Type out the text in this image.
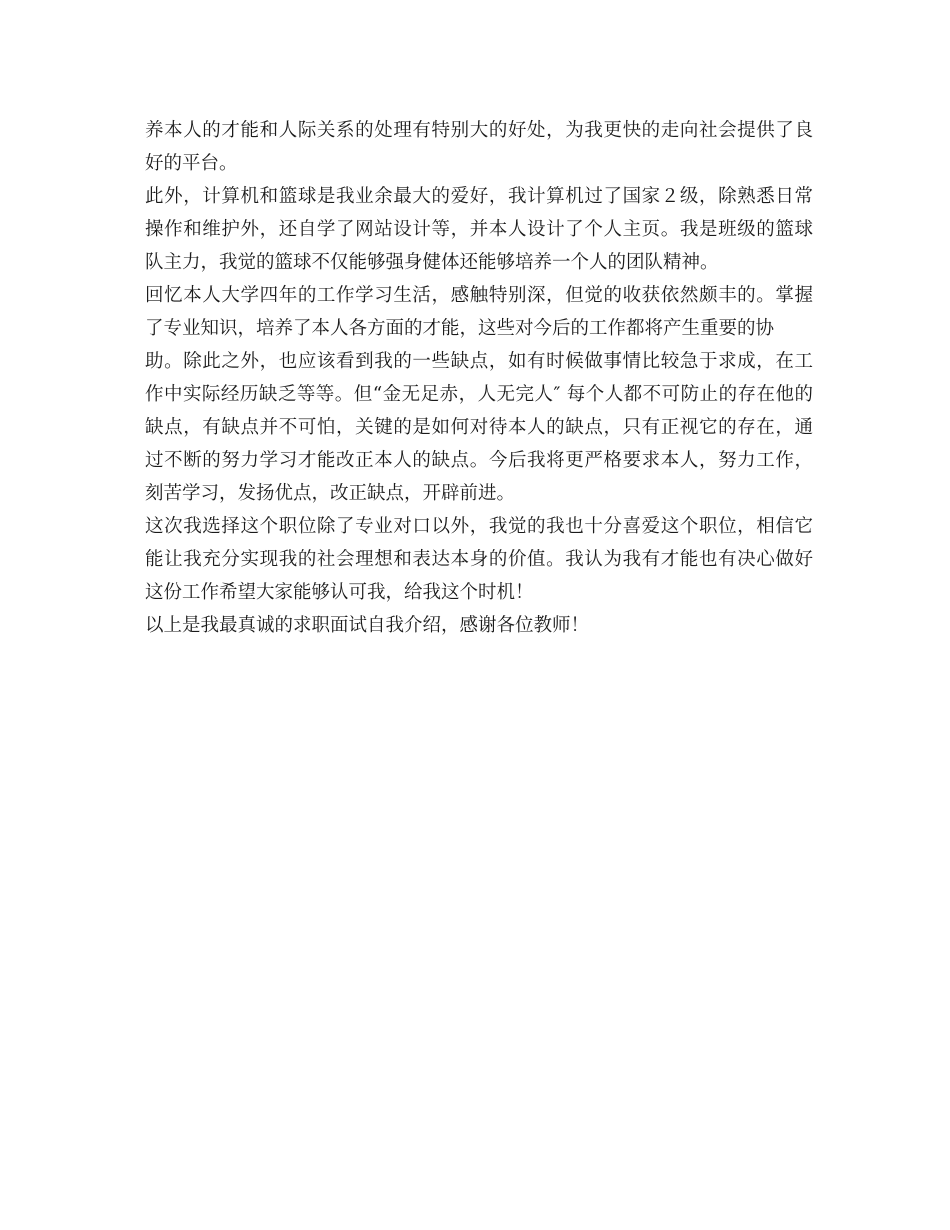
养本人的才能和人际关系的处理有特别大的好处，为我更快的走向社会提供了良
好的平台。
此外，计算机和篮球是我业余最大的爱好，我计算机过了国家２级，除熟悉日常
操作和维护外，还自学了网站设计等，并本人设计了个人主页。我是班级的篮球
队主力，我觉的篮球不仅能够强身健体还能够培养一个人的团队精神。
回忆本人大学四年的工作学习生活，感触特别深，但觉的收获依然颇丰的。掌握
了专业知识，培养了本人各方面的才能，这些对今后的工作都将产生重要的协
助。除此之外，也应该看到我的一些缺点，如有时候做事情比较急于求成，在工
作中实际经历缺乏等等。但“金无足赤，人无完人″ 每个人都不可防止的存在他的
缺点，有缺点并不可怕，关键的是如何对待本人的缺点，只有正视它的存在，通
过不断的努力学习才能改正本人的缺点。今后我将更严格要求本人，努力工作，
刻苦学习，发扬优点，改正缺点，开辟前进。
这次我选择这个职位除了专业对口以外，我觉的我也十分喜爱这个职位，相信它
能让我充分实现我的社会理想和表达本身的价值。我认为我有才能也有决心做好
这份工作希望大家能够认可我，给我这个时机！
以上是我最真诚的求职面试自我介绍，感谢各位教师！
